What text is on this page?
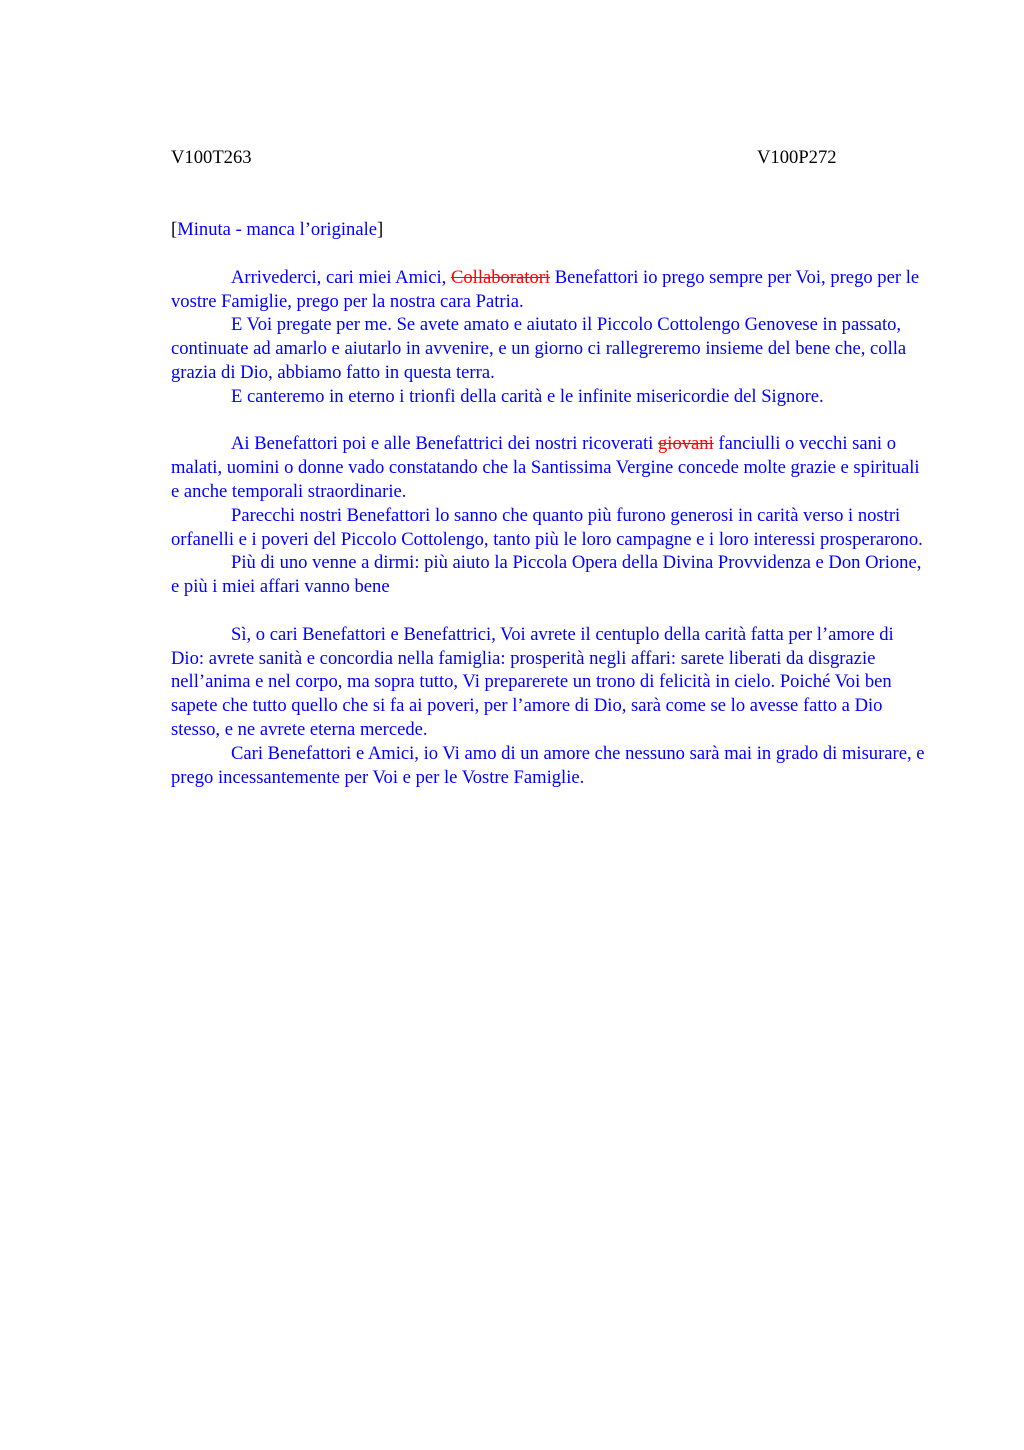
V100T263	V100P272
[Minuta - manca l’originale]

Arrivederci, cari miei Amici, Collaboratori Benefattori io prego sempre per Voi, prego per le vostre Famiglie, prego per la nostra cara Patria.

E Voi pregate per me. Se avete amato e aiutato il Piccolo Cottolengo Genovese in passato, continuate ad amarlo e aiutarlo in avvenire, e un giorno ci rallegreremo insieme del bene che, colla grazia di Dio, abbiamo fatto in questa terra.

E canteremo in eterno i trionfi della carità e le infinite misericordie del Signore.

Ai Benefattori poi e alle Benefattrici dei nostri ricoverati giovani fanciulli o vecchi sani o malati, uomini o donne vado constatando che la Santissima Vergine concede molte grazie e spirituali e anche temporali straordinarie.

Parecchi nostri Benefattori lo sanno che quanto più furono generosi in carità verso i nostri orfanelli e i poveri del Piccolo Cottolengo, tanto più le loro campagne e i loro interessi prosperarono.

Più di uno venne a dirmi: più aiuto la Piccola Opera della Divina Provvidenza e Don Orione, e più i miei affari vanno bene

Sì, o cari Benefattori e Benefattrici, Voi avrete il centuplo della carità fatta per l’amore di Dio: avrete sanità e concordia nella famiglia: prosperità negli affari: sarete liberati da disgrazie nell’anima e nel corpo, ma sopra tutto, Vi preparerete un trono di felicità in cielo. Poiché Voi ben sapete che tutto quello che si fa ai poveri, per l’amore di Dio, sarà come se lo avesse fatto a Dio stesso, e ne avrete eterna mercede.

Cari Benefattori e Amici, io Vi amo di un amore che nessuno sarà mai in grado di misurare, e prego incessantemente per Voi e per le Vostre Famiglie.
